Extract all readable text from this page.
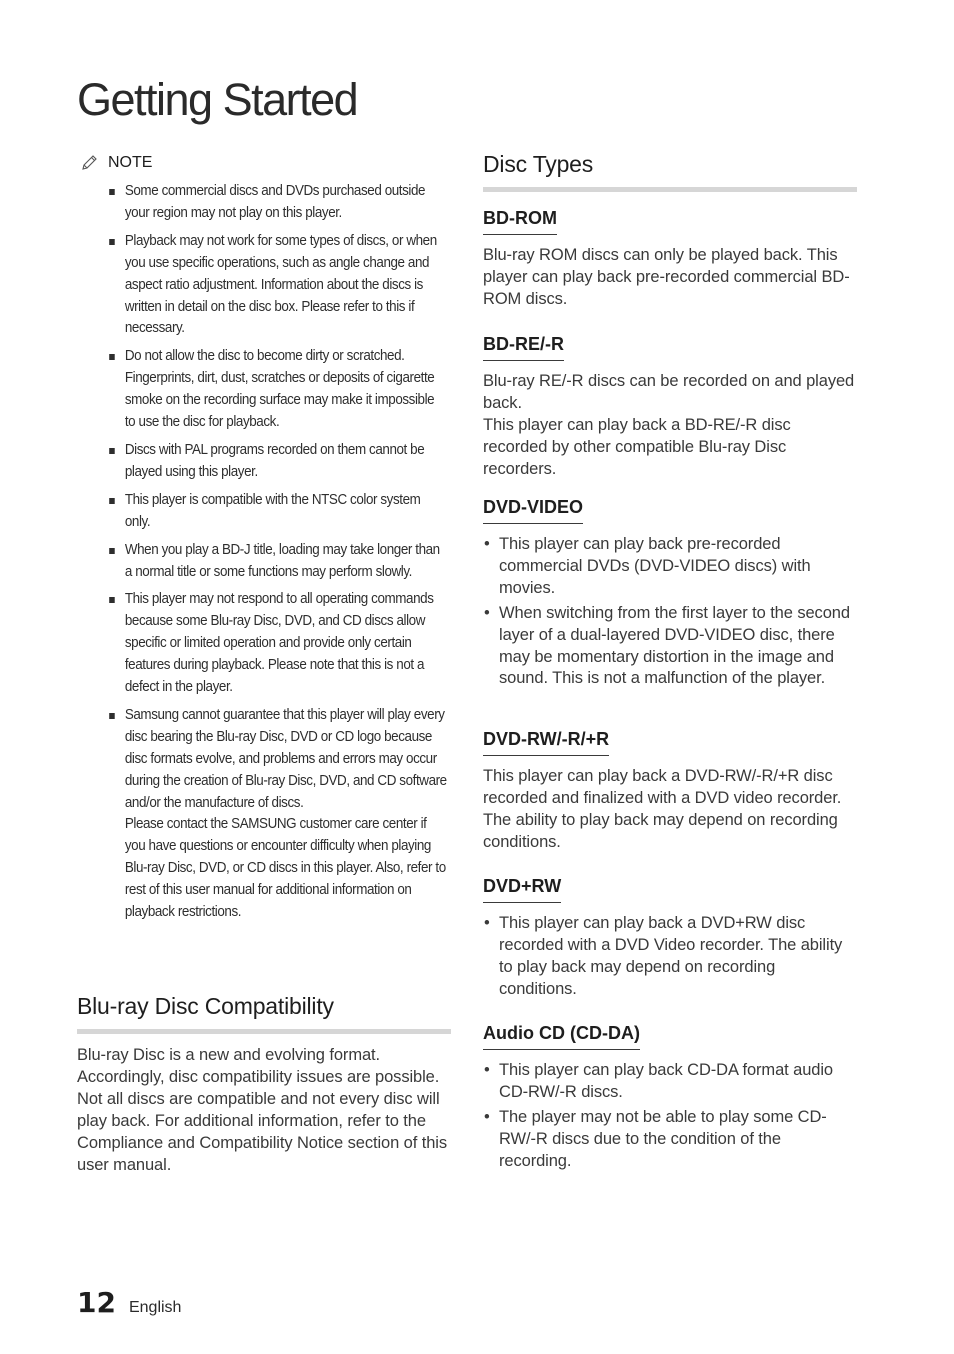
Getting Started
NOTE
Some commercial discs and DVDs purchased outside your region may not play on this player.
Playback may not work for some types of discs, or when you use specific operations, such as angle change and aspect ratio adjustment. Information about the discs is written in detail on the disc box. Please refer to this if necessary.
Do not allow the disc to become dirty or scratched. Fingerprints, dirt, dust, scratches or deposits of cigarette smoke on the recording surface may make it impossible to use the disc for playback.
Discs with PAL programs recorded on them cannot be played using this player.
This player is compatible with the NTSC color system only.
When you play a BD-J title, loading may take longer than a normal title or some functions may perform slowly.
This player may not respond to all operating commands because some Blu-ray Disc, DVD, and CD discs allow specific or limited operation and provide only certain features during playback. Please note that this is not a defect in the player.
Samsung cannot guarantee that this player will play every disc bearing the Blu-ray Disc, DVD or CD logo because disc formats evolve, and problems and errors may occur during the creation of Blu-ray Disc, DVD, and CD software and/or the manufacture of discs.
Please contact the SAMSUNG customer care center if you have questions or encounter difficulty when playing Blu-ray Disc, DVD, or CD discs in this player. Also, refer to rest of this user manual for additional information on playback restrictions.
Blu-ray Disc Compatibility

Blu-ray Disc is a new and evolving format. Accordingly, disc compatibility issues are possible. Not all discs are compatible and not every disc will play back. For additional information, refer to the Compliance and Compatibility Notice section of this user manual.

Disc Types
BD-ROM

Blu-ray ROM discs can only be played back. This player can play back pre-recorded commercial BD-ROM discs.

BD-RE/-R

Blu-ray RE/-R discs can be recorded on and played back.

This player can play back a BD-RE/-R disc recorded by other compatible Blu-ray Disc recorders.

DVD-VIDEO
• This player can play back pre-recorded commercial DVDs (DVD-VIDEO discs) with movies.
• When switching from the first layer to the second layer of a dual-layered DVD-VIDEO disc, there may be momentary distortion in the image and sound. This is not a malfunction of the player.
DVD-RW/-R/+R

This player can play back a DVD-RW/-R/+R disc recorded and finalized with a DVD video recorder. The ability to play back may depend on recording conditions.

DVD+RW
• This player can play back a DVD+RW disc recorded with a DVD Video recorder. The ability to play back may depend on recording conditions.
Audio CD (CD-DA)
• This player can play back CD-DA format audio CD-RW/-R discs.
• The player may not be able to play some CD-RW/-R discs due to the condition of the recording.
12 English
